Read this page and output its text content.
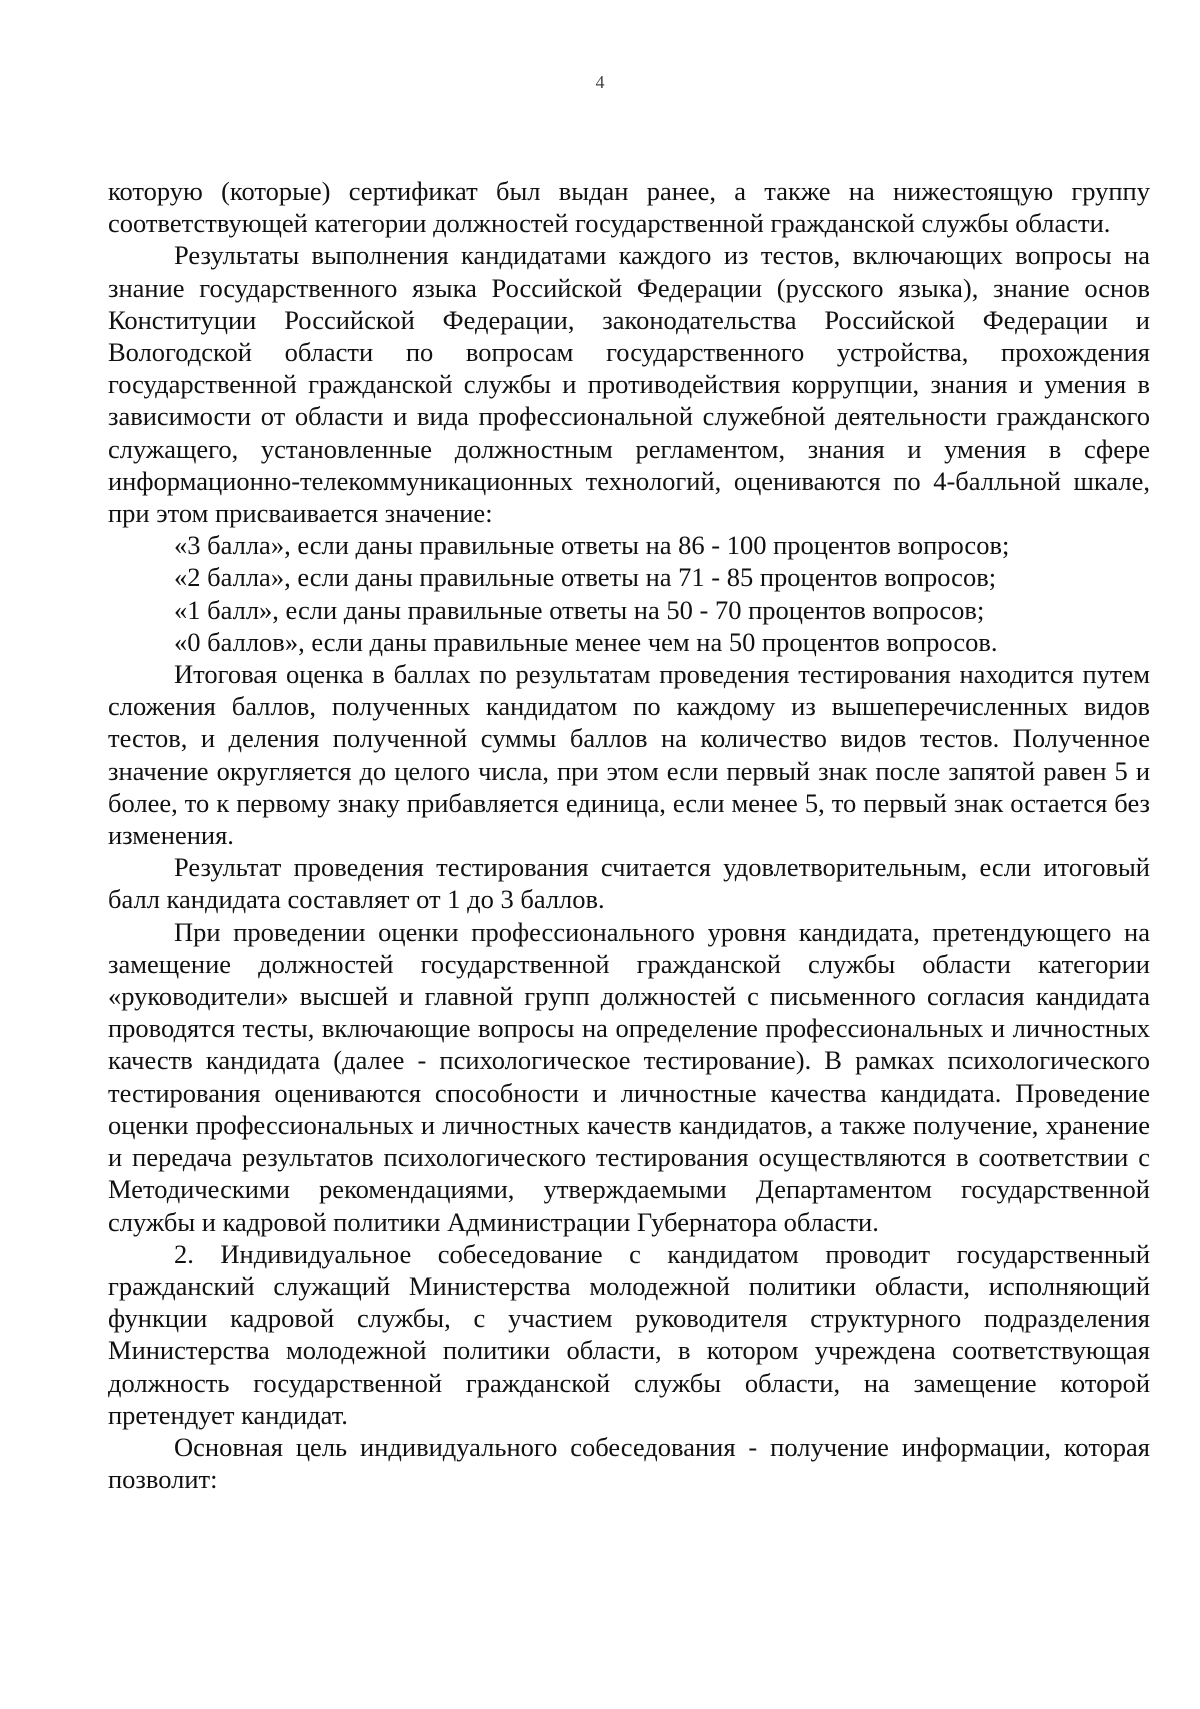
4

которую (которые) сертификат был выдан ранее, а также на нижестоящую группу соответствующей категории должностей государственной гражданской службы области.

Результаты выполнения кандидатами каждого из тестов, включающих вопросы на знание государственного языка Российской Федерации (русского языка), знание основ Конституции Российской Федерации, законодательства Российской Федерации и Вологодской области по вопросам государственного устройства, прохождения государственной гражданской службы и противодействия коррупции, знания и умения в зависимости от области и вида профессиональной служебной деятельности гражданского служащего, установленные должностным регламентом, знания и умения в сфере информационно-телекоммуникационных технологий, оцениваются по 4-балльной шкале, при этом присваивается значение:

«3 балла», если даны правильные ответы на 86 - 100 процентов вопросов;

«2 балла», если даны правильные ответы на 71 - 85 процентов вопросов;

«1 балл», если даны правильные ответы на 50 - 70 процентов вопросов;

«0 баллов», если даны правильные менее чем на 50 процентов вопросов.

Итоговая оценка в баллах по результатам проведения тестирования находится путем сложения баллов, полученных кандидатом по каждому из вышеперечисленных видов тестов, и деления полученной суммы баллов на количество видов тестов. Полученное значение округляется до целого числа, при этом если первый знак после запятой равен 5 и более, то к первому знаку прибавляется единица, если менее 5, то первый знак остается без изменения.

Результат проведения тестирования считается удовлетворительным, если итоговый балл кандидата составляет от 1 до 3 баллов.

При проведении оценки профессионального уровня кандидата, претендующего на замещение должностей государственной гражданской службы области категории «руководители» высшей и главной групп должностей с письменного согласия кандидата проводятся тесты, включающие вопросы на определение профессиональных и личностных качеств кандидата (далее - психологическое тестирование). В рамках психологического тестирования оцениваются способности и личностные качества кандидата. Проведение оценки профессиональных и личностных качеств кандидатов, а также получение, хранение и передача результатов психологического тестирования осуществляются в соответствии с Методическими рекомендациями, утверждаемыми Департаментом государственной службы и кадровой политики Администрации Губернатора области.

2. Индивидуальное собеседование с кандидатом проводит государственный гражданский служащий Министерства молодежной политики области, исполняющий функции кадровой службы, с участием руководителя структурного подразделения Министерства молодежной политики области, в котором учреждена соответствующая должность государственной гражданской службы области, на замещение которой претендует кандидат.

Основная цель индивидуального собеседования - получение информации, которая позволит:
